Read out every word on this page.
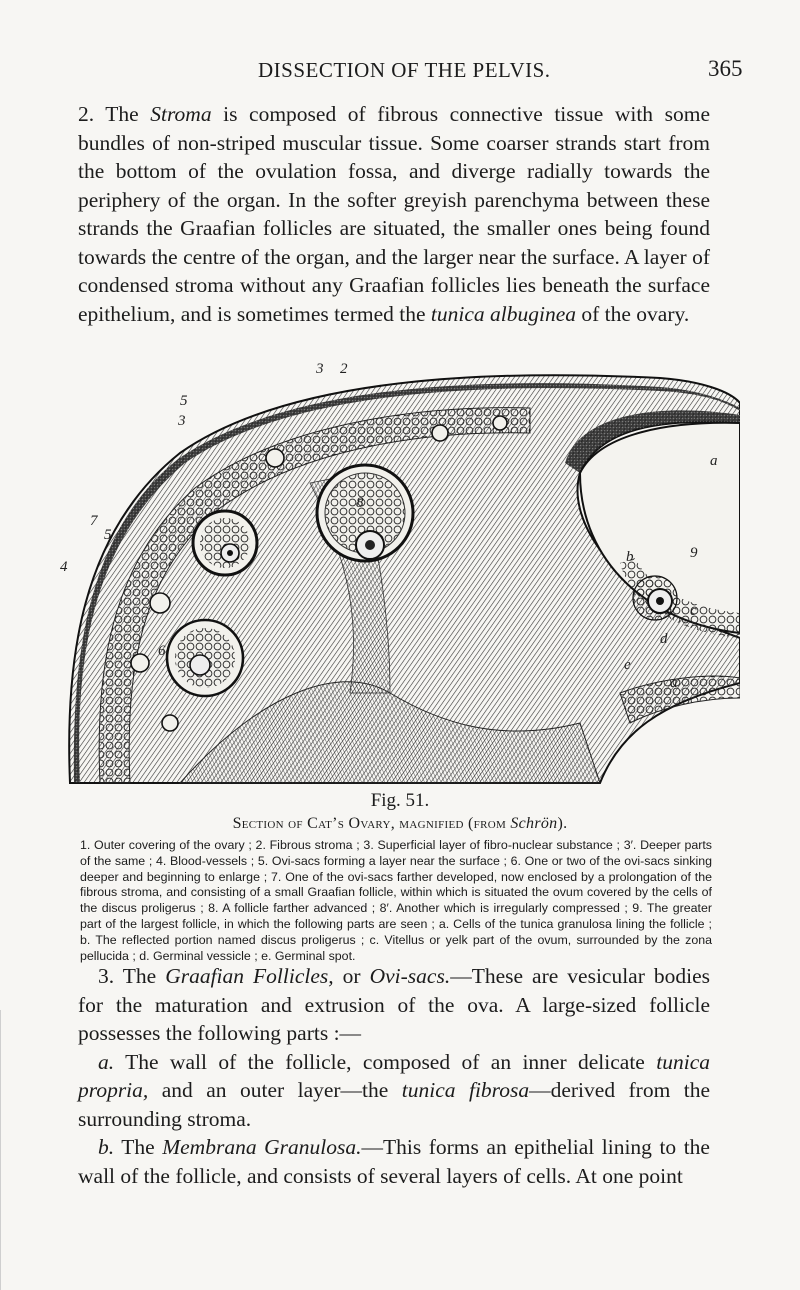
DISSECTION OF THE PELVIS.	365

2. The Stroma is composed of fibrous connective tissue with some bundles of non-striped muscular tissue. Some coarser strands start from the bottom of the ovulation fossa, and diverge radially towards the periphery of the organ. In the softer greyish parenchyma between these strands the Graafian follicles are situated, the smaller ones being found towards the centre of the organ, and the larger near the surface. A layer of condensed stroma without any Graafian follicles lies beneath the surface epithelium, and is sometimes termed the tunica albuginea of the ovary.

3
5
3
2
4
5
6
8
a
7
9
b
c
d
e
a
Fig. 51.
Section of Cat’s Ovary, magnified (from Schrön).

1. Outer covering of the ovary ; 2. Fibrous stroma ; 3. Superficial layer of fibro-nuclear substance ; 3′. Deeper parts of the same ; 4. Blood-vessels ; 5. Ovi-sacs forming a layer near the surface ; 6. One or two of the ovi-sacs sinking deeper and beginning to enlarge ; 7. One of the ovi-sacs farther developed, now enclosed by a prolongation of the fibrous stroma, and consisting of a small Graafian follicle, within which is situated the ovum covered by the cells of the discus proligerus ; 8. A follicle farther advanced ; 8′. Another which is irregularly compressed ; 9. The greater part of the largest follicle, in which the following parts are seen ; a. Cells of the tunica granulosa lining the follicle ; b. The reflected portion named discus proligerus ; c. Vitellus or yelk part of the ovum, surrounded by the zona pellucida ; d. Germinal vessicle ; e. Germinal spot.

3. The Graafian Follicles, or Ovi-sacs.—These are vesicular bodies for the maturation and extrusion of the ova. A large-sized follicle possesses the following parts :—

a. The wall of the follicle, composed of an inner delicate tunica propria, and an outer layer—the tunica fibrosa—derived from the surrounding stroma.

b. The Membrana Granulosa.—This forms an epithelial lining to the wall of the follicle, and consists of several layers of cells. At one point
